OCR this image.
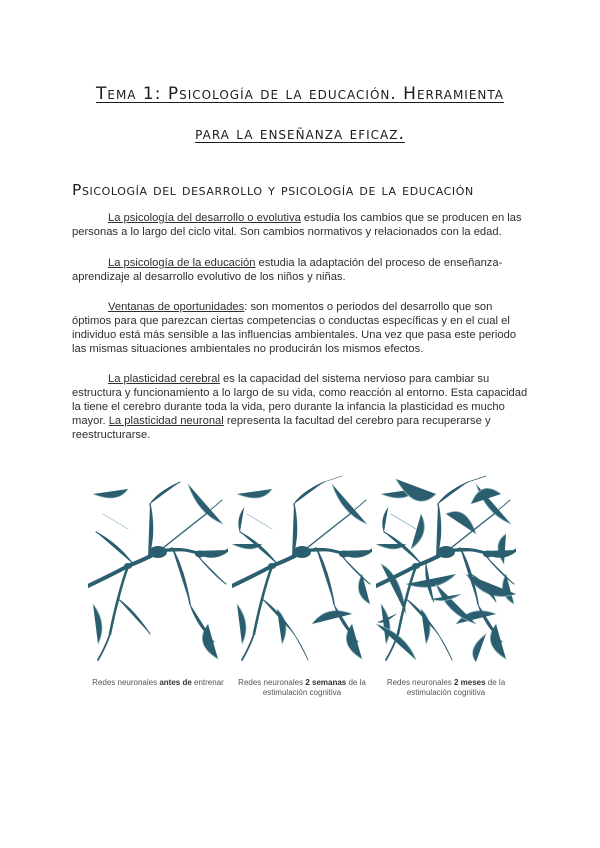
Tema 1: Psicología de la educación. Herramienta
para la enseñanza eficaz.
Psicología del desarrollo y psicología de la educación

La psicología del desarrollo o evolutiva estudia los cambios que se producen en las personas a lo largo del ciclo vital. Son cambios normativos y relacionados con la edad.

La psicología de la educación estudia la adaptación del proceso de enseñanza-aprendizaje al desarrollo evolutivo de los niños y niñas.

Ventanas de oportunidades: son momentos o periodos del desarrollo que son óptimos para que parezcan ciertas competencias o conductas específicas y en el cual el individuo está más sensible a las influencias ambientales. Una vez que pasa este periodo las mismas situaciones ambientales no producirán los mismos efectos.

La plasticidad cerebral es la capacidad del sistema nervioso para cambiar su estructura y funcionamiento a lo largo de su vida, como reacción al entorno. Esta capacidad la tiene el cerebro durante toda la vida, pero durante la infancia la plasticidad es mucho mayor. La plasticidad neuronal representa la facultad del cerebro para recuperarse y reestructurarse.

Redes neuronales antes de entrenar	Redes neuronales 2 semanas de la estimulación cognitiva
Redes neuronales 2 meses de la estimulación cognitiva
